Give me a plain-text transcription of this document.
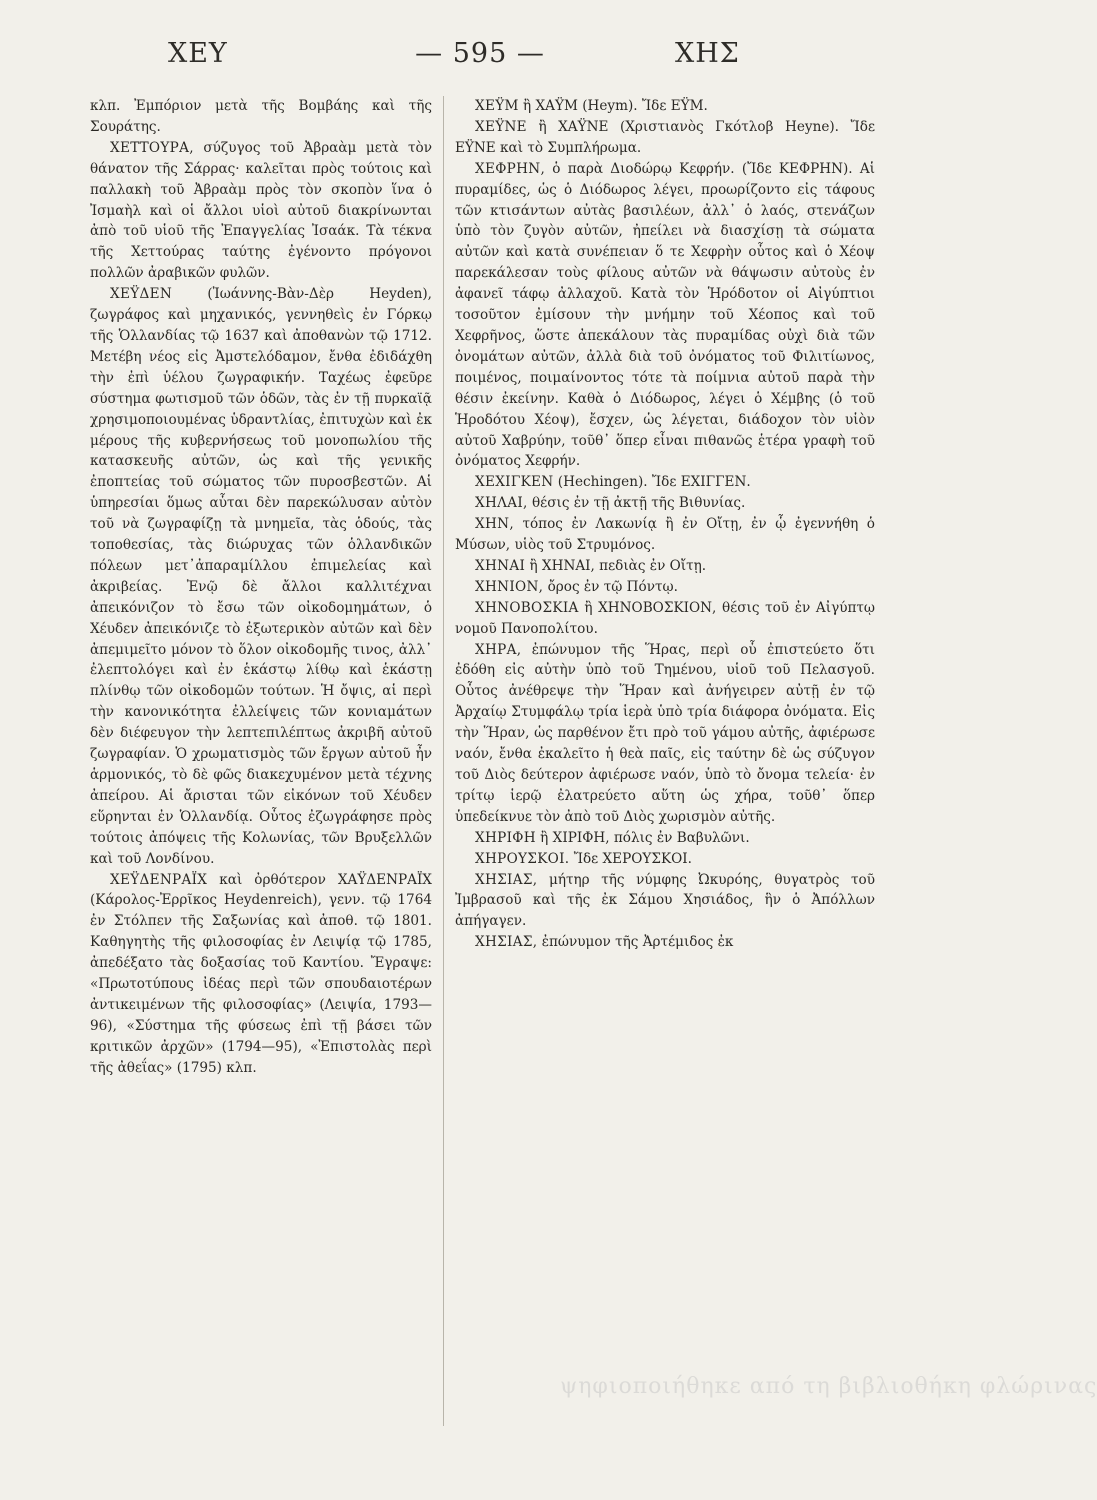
ΧΕΥ	— 595 —	ΧΗΣ

κλπ. Ἐμπόριον μετὰ τῆς Βομβάης καὶ τῆς Σουράτης.

ΧΕΤΤΟΥΡΑ, σύζυγος τοῦ Ἀβραὰμ μετὰ τὸν θάνατον τῆς Σάρρας· καλεῖται πρὸς τούτοις καὶ παλλακὴ τοῦ Ἀβραὰμ πρὸς τὸν σκοπὸν ἵνα ὁ Ἰσμαὴλ καὶ οἱ ἄλλοι υἱοὶ αὐτοῦ διακρίνωνται ἀπὸ τοῦ υἱοῦ τῆς Ἐπαγγελίας Ἰσαάκ. Τὰ τέκνα τῆς Χεττούρας ταύτης ἐγένοντο πρόγονοι πολλῶν ἀραβικῶν φυλῶν.

ΧΕΫΔΕΝ (Ἰωάννης-Βὰν-Δὲρ Heyden), ζωγράφος καὶ μηχανικός, γεννηθεὶς ἐν Γόρκῳ τῆς Ὁλλανδίας τῷ 1637 καὶ ἀποθανὼν τῷ 1712. Μετέβη νέος εἰς Ἀμστελόδαμον, ἔνθα ἐδιδάχθη τὴν ἐπὶ ὑέλου ζωγραφικήν. Ταχέως ἐφεῦρε σύστημα φωτισμοῦ τῶν ὁδῶν, τὰς ἐν τῇ πυρκαϊᾷ χρησιμοποιουμένας ὑδραντλίας, ἐπιτυχὼν καὶ ἐκ μέρους τῆς κυβερνήσεως τοῦ μονοπωλίου τῆς κατασκευῆς αὐτῶν, ὡς καὶ τῆς γενικῆς ἐποπτείας τοῦ σώματος τῶν πυροσβεστῶν. Αἱ ὑπηρεσίαι ὅμως αὗται δὲν παρεκώλυσαν αὐτὸν τοῦ νὰ ζωγραφίζῃ τὰ μνημεῖα, τὰς ὁδούς, τὰς τοποθεσίας, τὰς διώρυχας τῶν ὁλλανδικῶν πόλεων μετ᾽ἀπαραμίλλου ἐπιμελείας καὶ ἀκριβείας. Ἐνῷ δὲ ἄλλοι καλλιτέχναι ἀπεικόνιζον τὸ ἔσω τῶν οἰκοδομημάτων, ὁ Χέυδεν ἀπεικόνιζε τὸ ἐξωτερικὸν αὐτῶν καὶ δὲν ἀπεμιμεῖτο μόνον τὸ ὅλον οἰκοδομῆς τινος, ἀλλ᾽ ἐλεπτολόγει καὶ ἐν ἑκάστῳ λίθῳ καὶ ἑκάστῃ πλίνθῳ τῶν οἰκοδομῶν τούτων. Ἡ ὄψις, αἱ περὶ τὴν κανονικότητα ἐλλείψεις τῶν κονιαμάτων δὲν διέφευγον τὴν λεπτεπιλέπτως ἀκριβῆ αὐτοῦ ζωγραφίαν. Ὁ χρωματισμὸς τῶν ἔργων αὐτοῦ ἦν ἁρμονικός, τὸ δὲ φῶς διακεχυμένον μετὰ τέχνης ἀπείρου. Αἱ ἄρισται τῶν εἰκόνων τοῦ Χέυδεν εὕρηνται ἐν Ὁλλανδίᾳ. Οὗτος ἐζωγράφησε πρὸς τούτοις ἀπόψεις τῆς Κολωνίας, τῶν Βρυξελλῶν καὶ τοῦ Λονδίνου.

ΧΕΫΔΕΝΡΑΪΧ καὶ ὀρθότερον ΧΑΫΔΕΝΡΑΪΧ (Κάρολος-Ἐρρῖκος Heydenreich), γενν. τῷ 1764 ἐν Στόλπεν τῆς Σαξωνίας καὶ ἀποθ. τῷ 1801. Καθηγητὴς τῆς φιλοσοφίας ἐν Λειψίᾳ τῷ 1785, ἀπεδέξατο τὰς δοξασίας τοῦ Καντίου. Ἔγραψε: «Πρωτοτύπους ἰδέας περὶ τῶν σπουδαιοτέρων ἀντικειμένων τῆς φιλοσοφίας» (Λειψία, 1793—96), «Σύστημα τῆς φύσεως ἐπὶ τῇ βάσει τῶν κριτικῶν ἀρχῶν» (1794—95), «Ἐπιστολὰς περὶ τῆς ἀθεΐας» (1795) κλπ.

ΧΕΫΜ ἢ ΧΑΫΜ (Heym). Ἴδε ΕΫΜ.

ΧΕΫΝΕ ἢ ΧΑΫΝΕ (Χριστιανὸς Γκότλοβ Heyne). Ἴδε ΕΫΝΕ καὶ τὸ Συμπλήρωμα.

ΧΕΦΡΗΝ, ὁ παρὰ Διοδώρῳ Κεφρήν. (Ἴδε ΚΕΦΡΗΝ). Αἱ πυραμίδες, ὡς ὁ Διόδωρος λέγει, προωρίζοντο εἰς τάφους τῶν κτισάντων αὐτὰς βασιλέων, ἀλλ᾽ ὁ λαός, στενάζων ὑπὸ τὸν ζυγὸν αὐτῶν, ἠπείλει νὰ διασχίσῃ τὰ σώματα αὐτῶν καὶ κατὰ συνέπειαν ὅ τε Χεφρὴν οὗτος καὶ ὁ Χέοψ παρεκάλεσαν τοὺς φίλους αὐτῶν νὰ θάψωσιν αὐτοὺς ἐν ἀφανεῖ τάφῳ ἀλλαχοῦ. Κατὰ τὸν Ἡρόδοτον οἱ Αἰγύπτιοι τοσοῦτον ἐμίσουν τὴν μνήμην τοῦ Χέοπος καὶ τοῦ Χεφρῆνος, ὥστε ἀπεκάλουν τὰς πυραμίδας οὐχὶ διὰ τῶν ὀνομάτων αὐτῶν, ἀλλὰ διὰ τοῦ ὀνόματος τοῦ Φιλιτίωνος, ποιμένος, ποιμαίνοντος τότε τὰ ποίμνια αὐτοῦ παρὰ τὴν θέσιν ἐκείνην. Καθὰ ὁ Διόδωρος, λέγει ὁ Χέμβης (ὁ τοῦ Ἡροδότου Χέοψ), ἔσχεν, ὡς λέγεται, διάδοχον τὸν υἱὸν αὐτοῦ Χαβρύην, τοῦθ᾽ ὅπερ εἶναι πιθανῶς ἑτέρα γραφὴ τοῦ ὀνόματος Χεφρήν.

ΧΕΧΙΓΚΕΝ (Hechingen). Ἴδε ΕΧΙΓΓΕΝ.

ΧΗΛΑΙ, θέσις ἐν τῇ ἀκτῇ τῆς Βιθυνίας.

ΧΗΝ, τόπος ἐν Λακωνίᾳ ἢ ἐν Οἴτῃ, ἐν ᾧ ἐγεννήθη ὁ Μύσων, υἱὸς τοῦ Στρυμόνος.

ΧΗΝΑΙ ἢ ΧΗΝΑΙ, πεδιὰς ἐν Οἴτῃ.

ΧΗΝΙΟΝ, ὄρος ἐν τῷ Πόντῳ.

ΧΗΝΟΒΟΣΚΙΑ ἢ ΧΗΝΟΒΟΣΚΙΟΝ, θέσις τοῦ ἐν Αἰγύπτῳ νομοῦ Πανοπολίτου.

ΧΗΡΑ, ἐπώνυμον τῆς Ἥρας, περὶ οὗ ἐπιστεύετο ὅτι ἐδόθη εἰς αὐτὴν ὑπὸ τοῦ Τημένου, υἱοῦ τοῦ Πελασγοῦ. Οὗτος ἀνέθρεψε τὴν Ἥραν καὶ ἀνήγειρεν αὐτῇ ἐν τῷ Ἀρχαίῳ Στυμφάλῳ τρία ἱερὰ ὑπὸ τρία διάφορα ὀνόματα. Εἰς τὴν Ἥραν, ὡς παρθένον ἔτι πρὸ τοῦ γάμου αὐτῆς, ἀφιέρωσε ναόν, ἔνθα ἐκαλεῖτο ἡ θεὰ παῖς, εἰς ταύτην δὲ ὡς σύζυγον τοῦ Διὸς δεύτερον ἀφιέρωσε ναόν, ὑπὸ τὸ ὄνομα τελεία· ἐν τρίτῳ ἱερῷ ἐλατρεύετο αὕτη ὡς χήρα, τοῦθ᾽ ὅπερ ὑπεδείκνυε τὸν ἀπὸ τοῦ Διὸς χωρισμὸν αὐτῆς.

ΧΗΡΙΦΗ ἢ ΧΙΡΙΦΗ, πόλις ἐν Βαβυλῶνι.

ΧΗΡΟΥΣΚΟΙ. Ἴδε ΧΕΡΟΥΣΚΟΙ.

ΧΗΣΙΑΣ, μήτηρ τῆς νύμφης Ὠκυρόης, θυγατρὸς τοῦ Ἰμβρασοῦ καὶ τῆς ἐκ Σάμου Χησιάδος, ἣν ὁ Ἀπόλλων ἀπήγαγεν.

ΧΗΣΙΑΣ, ἐπώνυμον τῆς Ἀρτέμιδος ἐκ

ψηφιοποιήθηκε από τη βιβλιοθήκη φλώρινας
